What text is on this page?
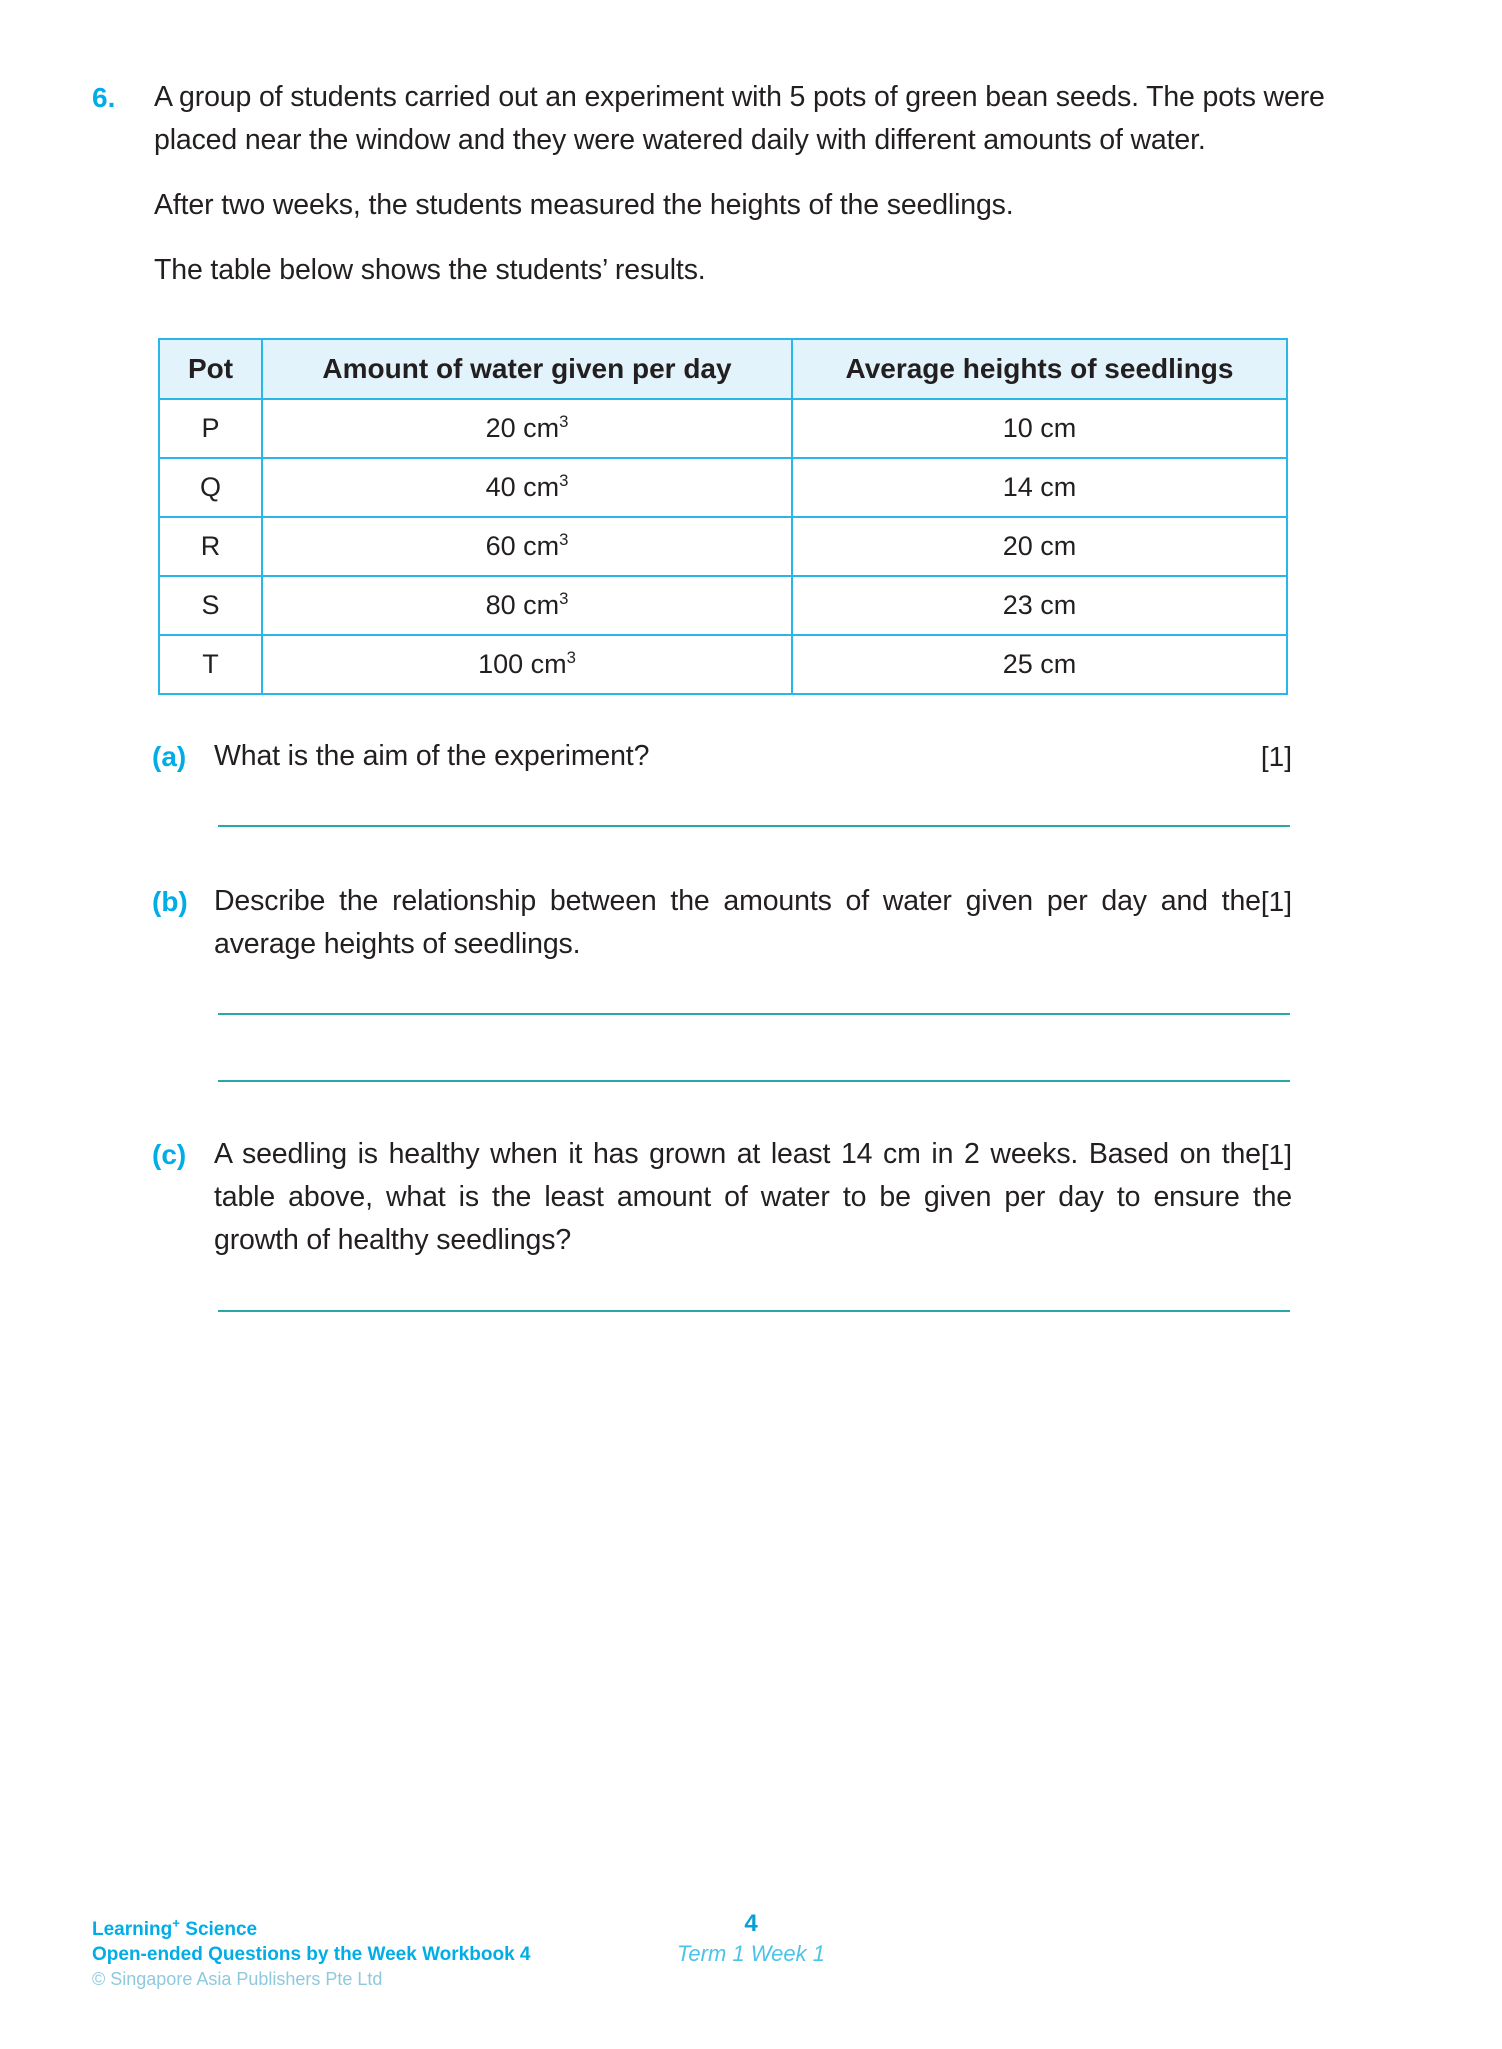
6.	A group of students carried out an experiment with 5 pots of green bean seeds. The pots were placed near the window and they were watered daily with different amounts of water.

After two weeks, the students measured the heights of the seedlings.

The table below shows the students’ results.

Pot	Amount of water given per day	Average heights of seedlings
P	20 $cm^3$	10 cm
Q	40 $cm^3$	14 cm
R	60 $cm^3$	20 cm
S	80 $cm^3$	23 cm
T	100 $cm^3$	25 cm
(a)	[1]
What is the aim of the experiment?
(b)	[1]
Describe the relationship between the amounts of water given per day and the average heights of seedlings.
(c)	[1]
A seedling is healthy when it has grown at least 14 cm in 2 weeks. Based on the table above, what is the least amount of water to be given per day to ensure the growth of healthy seedlings?
Learning+ Science
Open-ended Questions by the Week Workbook 4
© Singapore Asia Publishers Pte Ltd
4
Term 1 Week 1
